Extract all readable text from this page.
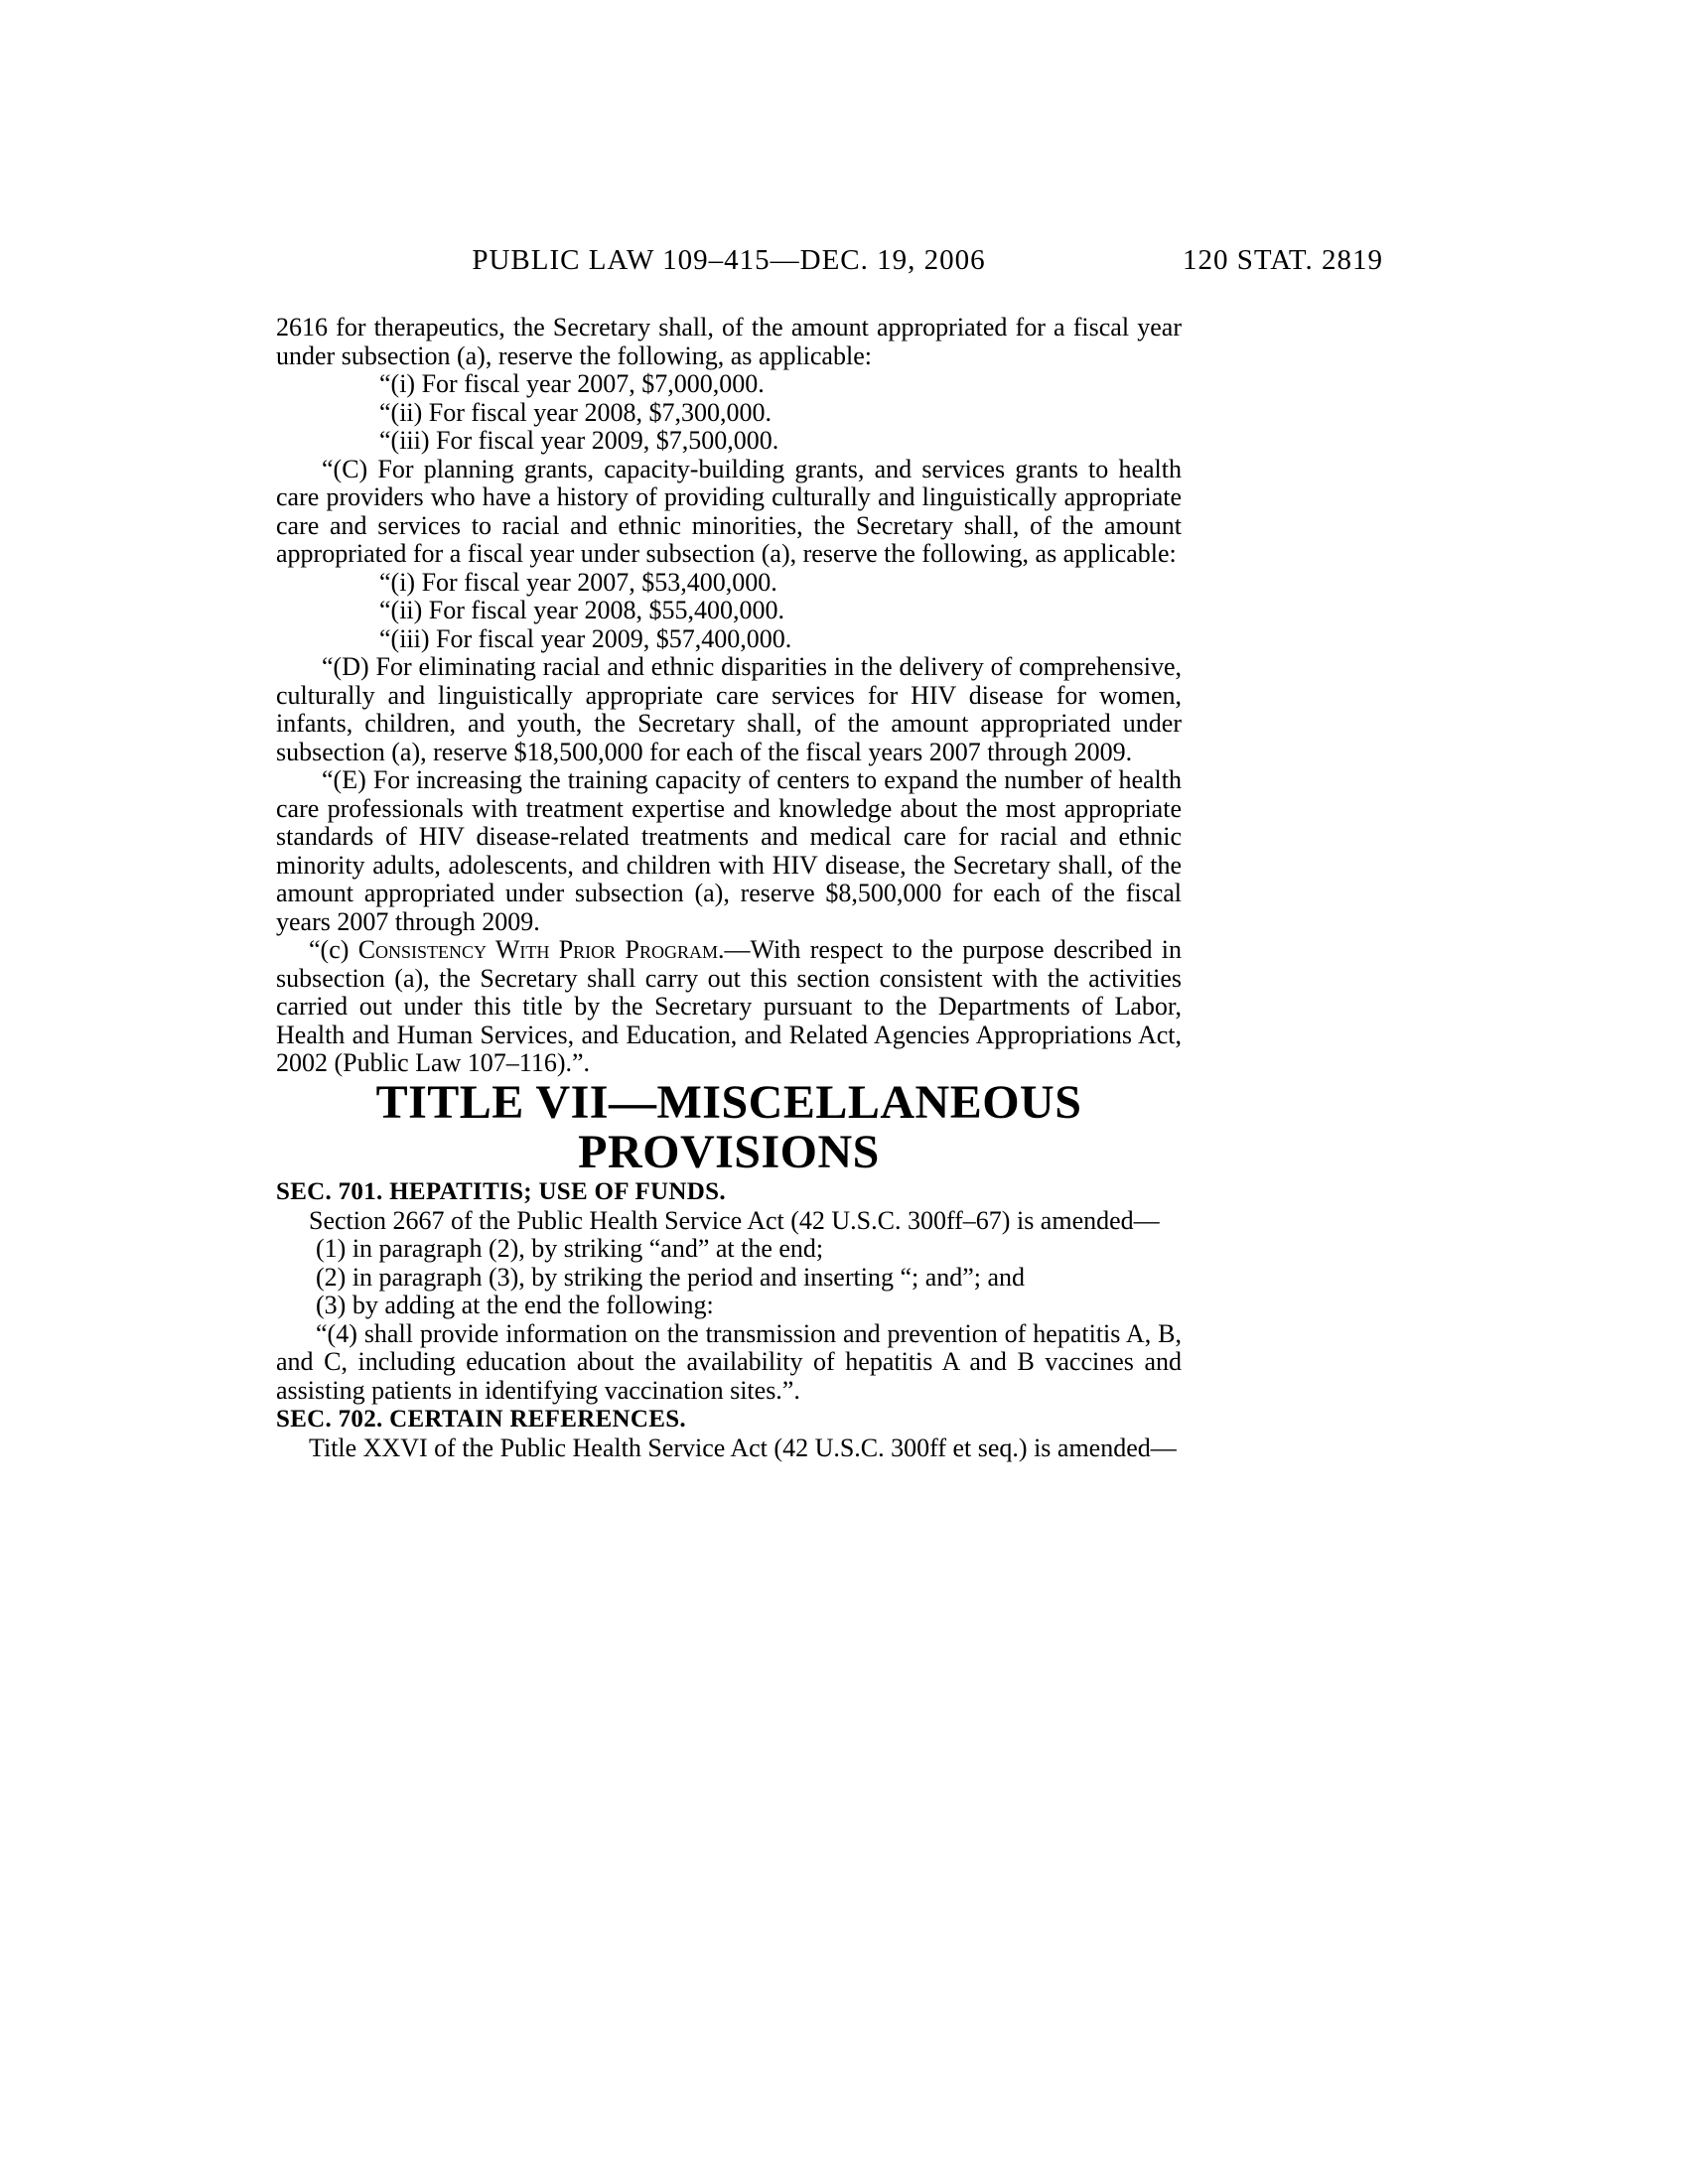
PUBLIC LAW 109–415—DEC. 19, 2006	120 STAT. 2819

2616 for therapeutics, the Secretary shall, of the amount appropriated for a fiscal year under subsection (a), reserve the following, as applicable:

“(i) For fiscal year 2007, $7,000,000.

“(ii) For fiscal year 2008, $7,300,000.

“(iii) For fiscal year 2009, $7,500,000.

“(C) For planning grants, capacity-building grants, and services grants to health care providers who have a history of providing culturally and linguistically appropriate care and services to racial and ethnic minorities, the Secretary shall, of the amount appropriated for a fiscal year under subsection (a), reserve the following, as applicable:

“(i) For fiscal year 2007, $53,400,000.

“(ii) For fiscal year 2008, $55,400,000.

“(iii) For fiscal year 2009, $57,400,000.

“(D) For eliminating racial and ethnic disparities in the delivery of comprehensive, culturally and linguistically appropriate care services for HIV disease for women, infants, children, and youth, the Secretary shall, of the amount appropriated under subsection (a), reserve $18,500,000 for each of the fiscal years 2007 through 2009.

“(E) For increasing the training capacity of centers to expand the number of health care professionals with treatment expertise and knowledge about the most appropriate standards of HIV disease-related treatments and medical care for racial and ethnic minority adults, adolescents, and children with HIV disease, the Secretary shall, of the amount appropriated under subsection (a), reserve $8,500,000 for each of the fiscal years 2007 through 2009.

“(c) Consistency With Prior Program.—With respect to the purpose described in subsection (a), the Secretary shall carry out this section consistent with the activities carried out under this title by the Secretary pursuant to the Departments of Labor, Health and Human Services, and Education, and Related Agencies Appropriations Act, 2002 (Public Law 107–116).”.

TITLE VII—MISCELLANEOUS PROVISIONS

SEC. 701. HEPATITIS; USE OF FUNDS.

Section 2667 of the Public Health Service Act (42 U.S.C. 300ff–67) is amended—

(1) in paragraph (2), by striking “and” at the end;

(2) in paragraph (3), by striking the period and inserting “; and”; and

(3) by adding at the end the following:

“(4) shall provide information on the transmission and prevention of hepatitis A, B, and C, including education about the availability of hepatitis A and B vaccines and assisting patients in identifying vaccination sites.”.

SEC. 702. CERTAIN REFERENCES.

Title XXVI of the Public Health Service Act (42 U.S.C. 300ff et seq.) is amended—
